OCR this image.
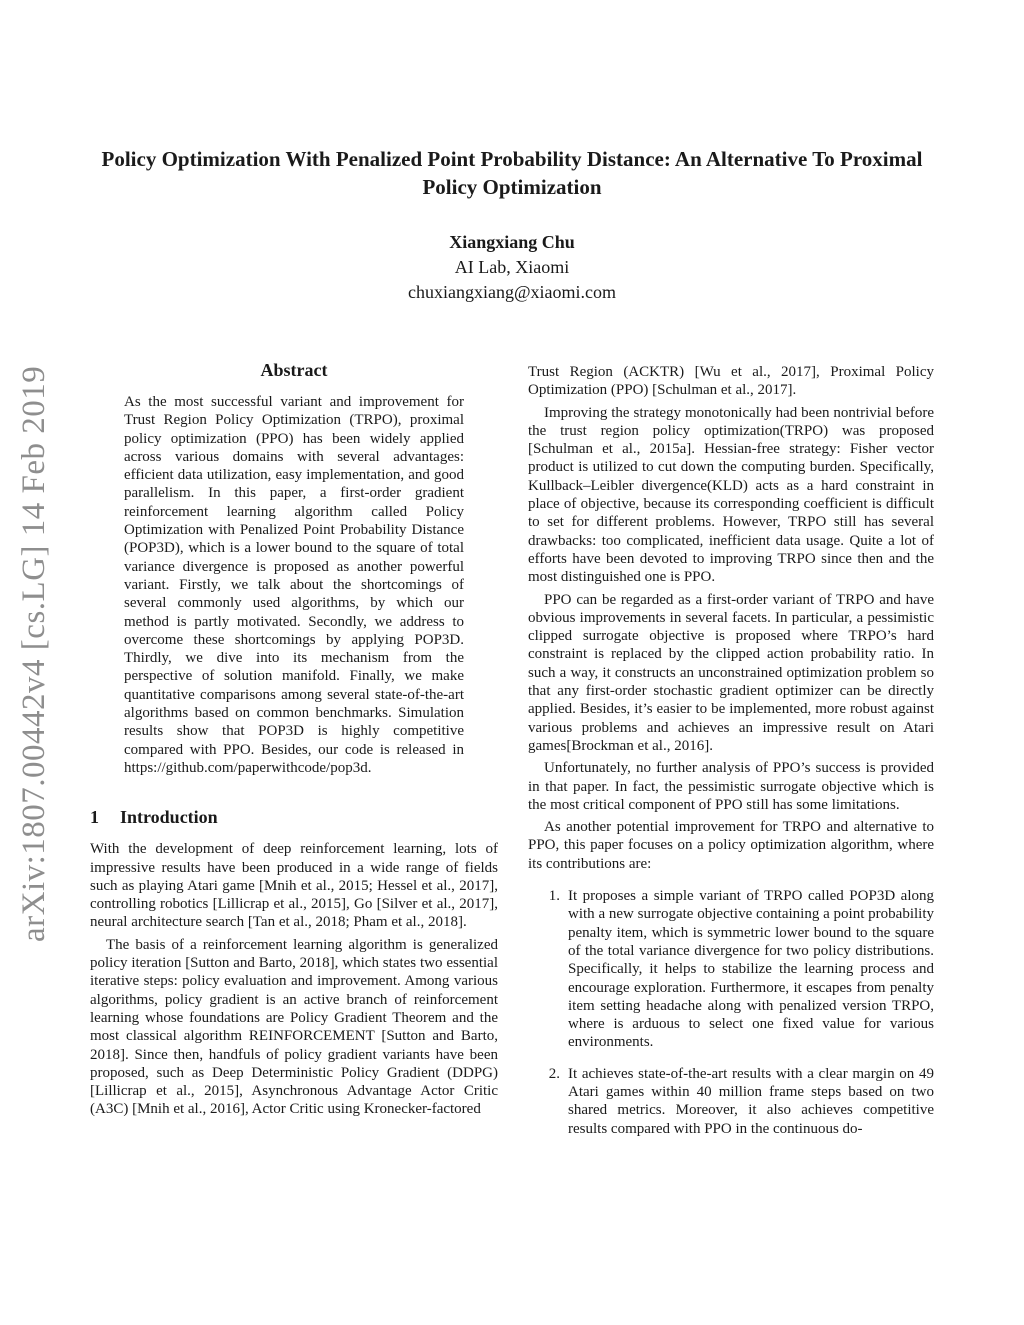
Policy Optimization With Penalized Point Probability Distance: An Alternative To Proximal Policy Optimization
Xiangxiang Chu
AI Lab, Xiaomi
chuxiangxiang@xiaomi.com
arXiv:1807.00442v4 [cs.LG] 14 Feb 2019	Abstract

As the most successful variant and improvement for Trust Region Policy Optimization (TRPO), proximal policy optimization (PPO) has been widely applied across various domains with several advantages: efficient data utilization, easy implementation, and good parallelism. In this paper, a first-order gradient reinforcement learning algorithm called Policy Optimization with Penalized Point Probability Distance (POP3D), which is a lower bound to the square of total variance divergence is proposed as another powerful variant. Firstly, we talk about the shortcomings of several commonly used algorithms, by which our method is partly motivated. Secondly, we address to overcome these shortcomings by applying POP3D. Thirdly, we dive into its mechanism from the perspective of solution manifold. Finally, we make quantitative comparisons among several state-of-the-art algorithms based on common benchmarks. Simulation results show that POP3D is highly competitive compared with PPO. Besides, our code is released in https://github.com/paperwithcode/pop3d.

1 Introduction

With the development of deep reinforcement learning, lots of impressive results have been produced in a wide range of fields such as playing Atari game [Mnih et al., 2015; Hessel et al., 2017], controlling robotics [Lillicrap et al., 2015], Go [Silver et al., 2017], neural architecture search [Tan et al., 2018; Pham et al., 2018].

The basis of a reinforcement learning algorithm is generalized policy iteration [Sutton and Barto, 2018], which states two essential iterative steps: policy evaluation and improvement. Among various algorithms, policy gradient is an active branch of reinforcement learning whose foundations are Policy Gradient Theorem and the most classical algorithm REINFORCEMENT [Sutton and Barto, 2018]. Since then, handfuls of policy gradient variants have been proposed, such as Deep Deterministic Policy Gradient (DDPG) [Lillicrap et al., 2015], Asynchronous Advantage Actor Critic (A3C) [Mnih et al., 2016], Actor Critic using Kronecker-factored

Trust Region (ACKTR) [Wu et al., 2017], Proximal Policy Optimization (PPO) [Schulman et al., 2017].

Improving the strategy monotonically had been nontrivial before the trust region policy optimization(TRPO) was proposed [Schulman et al., 2015a]. Hessian-free strategy: Fisher vector product is utilized to cut down the computing burden. Specifically, Kullback–Leibler divergence(KLD) acts as a hard constraint in place of objective, because its corresponding coefficient is difficult to set for different problems. However, TRPO still has several drawbacks: too complicated, inefficient data usage. Quite a lot of efforts have been devoted to improving TRPO since then and the most distinguished one is PPO.

PPO can be regarded as a first-order variant of TRPO and have obvious improvements in several facets. In particular, a pessimistic clipped surrogate objective is proposed where TRPO’s hard constraint is replaced by the clipped action probability ratio. In such a way, it constructs an unconstrained optimization problem so that any first-order stochastic gradient optimizer can be directly applied. Besides, it’s easier to be implemented, more robust against various problems and achieves an impressive result on Atari games[Brockman et al., 2016].

Unfortunately, no further analysis of PPO’s success is provided in that paper. In fact, the pessimistic surrogate objective which is the most critical component of PPO still has some limitations.

As another potential improvement for TRPO and alternative to PPO, this paper focuses on a policy optimization algorithm, where its contributions are:

1. It proposes a simple variant of TRPO called POP3D along with a new surrogate objective containing a point probability penalty item, which is symmetric lower bound to the square of the total variance divergence for two policy distributions. Specifically, it helps to stabilize the learning process and encourage exploration. Furthermore, it escapes from penalty item setting headache along with penalized version TRPO, where is arduous to select one fixed value for various environments.
2. It achieves state-of-the-art results with a clear margin on 49 Atari games within 40 million frame steps based on two shared metrics. Moreover, it also achieves competitive results compared with PPO in the continuous do-
